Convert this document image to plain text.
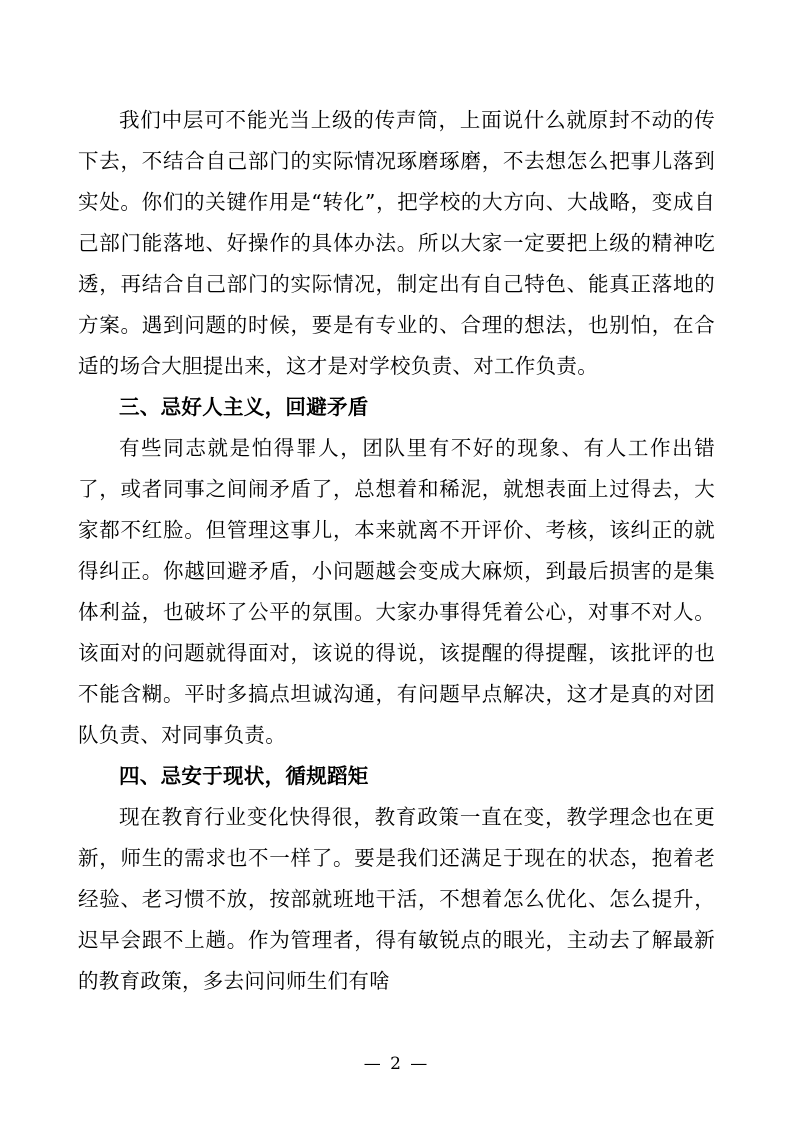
我们中层可不能光当上级的传声筒，上面说什么就原封不动的传下去，不结合自己部门的实际情况琢磨琢磨，不去想怎么把事儿落到实处。你们的关键作用是“转化”，把学校的大方向、大战略，变成自己部门能落地、好操作的具体办法。所以大家一定要把上级的精神吃透，再结合自己部门的实际情况，制定出有自己特色、能真正落地的方案。遇到问题的时候，要是有专业的、合理的想法，也别怕，在合适的场合大胆提出来，这才是对学校负责、对工作负责。

三、忌好人主义，回避矛盾

有些同志就是怕得罪人，团队里有不好的现象、有人工作出错了，或者同事之间闹矛盾了，总想着和稀泥，就想表面上过得去，大家都不红脸。但管理这事儿，本来就离不开评价、考核，该纠正的就得纠正。你越回避矛盾，小问题越会变成大麻烦，到最后损害的是集体利益，也破坏了公平的氛围。大家办事得凭着公心，对事不对人。该面对的问题就得面对，该说的得说，该提醒的得提醒，该批评的也不能含糊。平时多搞点坦诚沟通，有问题早点解决，这才是真的对团队负责、对同事负责。

四、忌安于现状，循规蹈矩

现在教育行业变化快得很，教育政策一直在变，教学理念也在更新，师生的需求也不一样了。要是我们还满足于现在的状态，抱着老经验、老习惯不放，按部就班地干活，不想着怎么优化、怎么提升，迟早会跟不上趟。作为管理者，得有敏锐点的眼光，主动去了解最新的教育政策，多去问问师生们有啥

— 2 —
